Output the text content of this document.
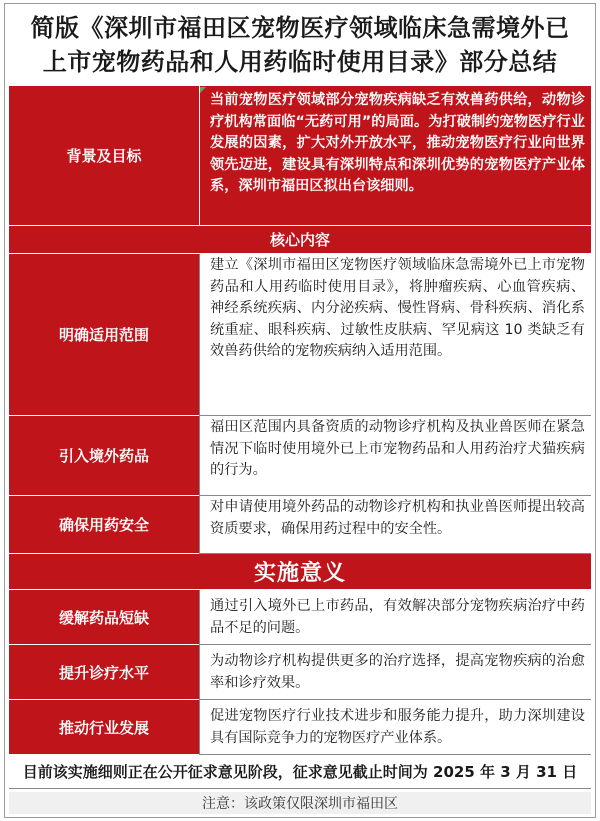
简版《深圳市福田区宠物医疗领域临床急需境外已
上市宠物药品和人用药临时使用目录》部分总结
背景及目标
当前宠物医疗领域部分宠物疾病缺乏有效兽药供给，动物诊疗机构常面临“无药可用”的局面。为打破制约宠物医疗行业发展的因素，扩大对外开放水平，推动宠物医疗行业向世界领先迈进，建设具有深圳特点和深圳优势的宠物医疗产业体系，深圳市福田区拟出台该细则。
核心内容
明确适用范围
建立《深圳市福田区宠物医疗领域临床急需境外已上市宠物药品和人用药临时使用目录》，将肿瘤疾病、心血管疾病、神经系统疾病、内分泌疾病、慢性肾病、骨科疾病、消化系统重症、眼科疾病、过敏性皮肤病、罕见病这 10 类缺乏有效兽药供给的宠物疾病纳入适用范围。
引入境外药品
福田区范围内具备资质的动物诊疗机构及执业兽医师在紧急情况下临时使用境外已上市宠物药品和人用药治疗犬猫疾病的行为。
确保用药安全
对申请使用境外药品的动物诊疗机构和执业兽医师提出较高资质要求，确保用药过程中的安全性。
实施意义
缓解药品短缺
通过引入境外已上市药品，有效解决部分宠物疾病治疗中药品不足的问题。
提升诊疗水平
为动物诊疗机构提供更多的治疗选择，提高宠物疾病的治愈率和诊疗效果。
推动行业发展
促进宠物医疗行业技术进步和服务能力提升，助力深圳建设具有国际竞争力的宠物医疗产业体系。
目前该实施细则正在公开征求意见阶段，征求意见截止时间为 2025 年 3 月 31 日
注意：该政策仅限深圳市福田区
